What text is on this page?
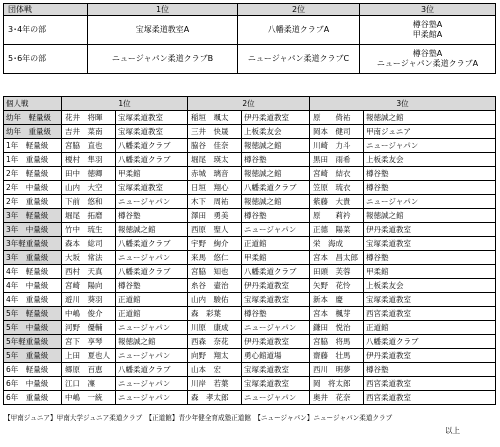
団体戦	1位	2位	3位
3･4年の部	宝塚柔道教室A	八幡柔道クラブA	樽谷塾A
甲柔館A

5･6年の部	ニュージャパン柔道クラブB	ニュージャパン柔道クラブC	樽谷塾A
ニュージャパン柔道クラブA
個人戦	1位		2位		3位	
幼年　軽量級	花井　将暉	宝塚柔道教室	稲垣　颯太	伊丹柔道教室	原　　倚祐	報徳誠之館
幼年　重量級	吉井　菜南	宝塚柔道教室	三井　快晟	上板柔友会	岡本　健司	甲南ジュニア
1年　軽量級	宮脇　直也	八幡柔道クラブ	脇谷　佳奈	報徳誠之館	川崎　力斗	ニュージャパン
1年　重量級	榎村　隼羽	八幡柔道クラブ	堀尾　瑛太	樽谷塾	黒田　雨希	上板柔友会
2年　軽量級	田中　徳卿	甲柔館	赤城　璃音	報徳誠之館	宮崎　結衣	樽谷塾
2年　中量級	山内　大空	宝塚柔道教室	日垣　翔心	八幡柔道クラブ	笠原　琉衣	樽谷塾
2年　重量級	下前　悠和	ニュージャパン	木下　周祐	報徳誠之館	紫藤　大貴	ニュージャパン
3年　軽量級	堀尾　拓磨	樽谷塾	澤田　勇美	樽谷塾	原　　莉衿	報徳誠之館
3年　中量級	竹中　琉生	報徳誠之館	西原　聖人	ニュージャパン	正德　陽菜	伊丹柔道教室
3年軽重量級	森本　総司	八幡柔道クラブ	宇野　絢介	正道館	栄　海成	宝塚柔道教室
3年　重量級	大坂　常法	ニュージャパン	来馬　悠仁	甲柔館	宮本　昌太郎	樽谷塾
4年　軽量級	西村　天真	八幡柔道クラブ	宮脇　知也	八幡柔道クラブ	田頭　芙蓉	甲柔館
4年　中量級	宮崎　陽向	樽谷塾	糸谷　壷治	伊丹柔道教室	矢野　花怜	上板柔友会
4年　重量級	遊川　葵羽	正道館	山内　駿佑	宝塚柔道教室	新本　慶	宝塚柔道教室
5年　軽量級	中嶋　俊介	正道館	森　彩葉	樽谷塾	宮本　楓芽	西宮柔道教室
5年　中量級	河野　優輔	ニュージャパン	川原　康成	ニュージャパン	鎌田　悦治	正道館
5年軽重量級	宮下　享琴	報徳誠之館	西森　奈花	伊丹柔道教室	宮脇　将馬	八幡柔道クラブ
5年　重量級	上田　夏也人	ニュージャパン	向野　翔太	勇心館道場	齋藤　壮馬	伊丹柔道教室
6年　軽量級	郷原　百恵	八幡柔道クラブ	山本　宏	宝塚柔道教室	西川　明夢	樽谷塾
6年　中量級	江口　凜	ニュージャパン	川岸　若葉	宝塚柔道教室	岡　将太郎	西宮柔道教室
6年　重量級	中嶋　一統	ニュージャパン	森　孝太郎	ニュージャパン	奥井　花奈	西宮柔道教室
【甲南ジュニア】甲南大学ジュニア柔道クラブ　【正道館】青少年健全育成塾正道館　【ニュージャパン】ニュージャパン柔道クラブ
以上
